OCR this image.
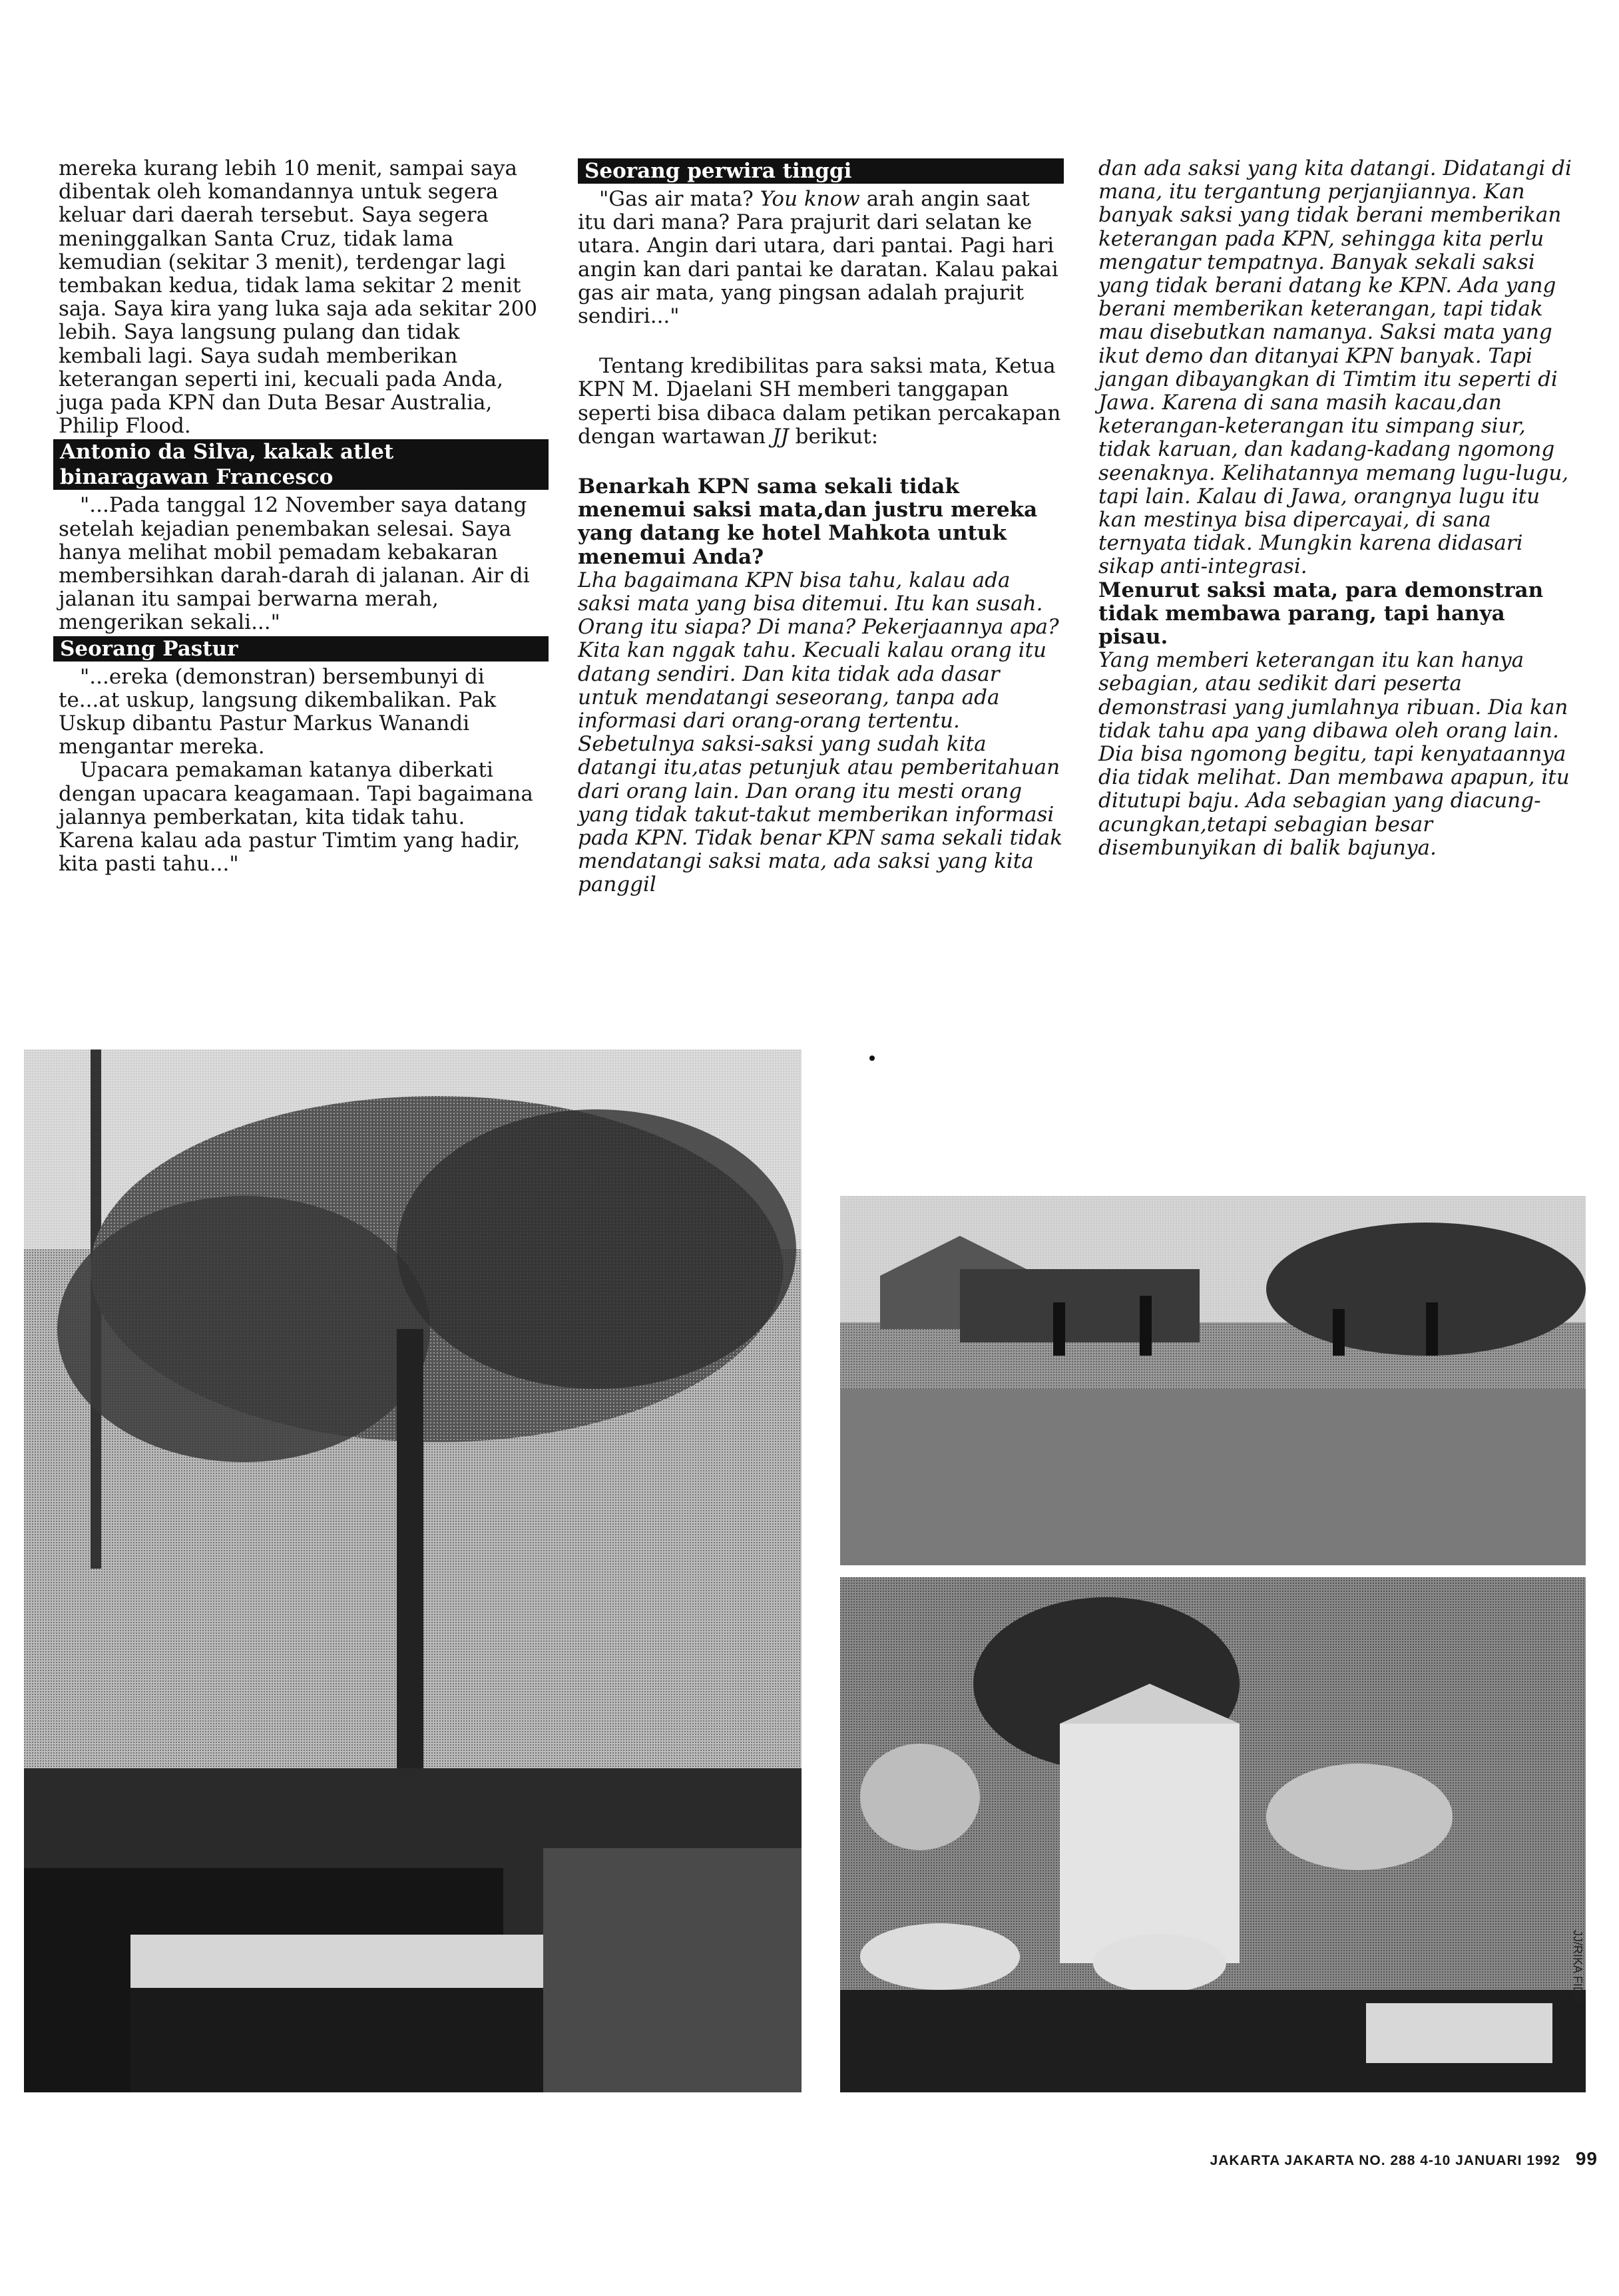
mereka kurang lebih 10 menit, sampai saya dibentak oleh komandannya untuk segera keluar dari daerah tersebut. Saya segera meninggalkan Santa Cruz, tidak lama kemudian (sekitar 3 menit), terdengar lagi tembakan kedua, tidak lama sekitar 2 menit saja. Saya kira yang luka saja ada sekitar 200 lebih. Saya langsung pulang dan tidak kembali lagi. Saya sudah memberikan keterangan seperti ini, kecuali pada Anda, juga pada KPN dan Duta Besar Australia, Philip Flood.

Antonio da Silva, kakak atlet binaragawan Francesco

"...Pada tanggal 12 November saya datang setelah kejadian penembakan selesai. Saya hanya melihat mobil pemadam kebakaran membersihkan darah-darah di jalanan. Air di jalanan itu sampai berwarna merah, mengerikan sekali..."

Seorang Pastur

"...ereka (demonstran) bersembunyi di te...at uskup, langsung dikembalikan. Pak Uskup dibantu Pastur Markus Wanandi mengantar mereka.

Upacara pemakaman katanya diberkati dengan upacara keagamaan. Tapi bagaimana jalannya pemberkatan, kita tidak tahu. Karena kalau ada pastur Timtim yang hadir, kita pasti tahu..."

Seorang perwira tinggi

"Gas air mata? You know arah angin saat itu dari mana? Para prajurit dari selatan ke utara. Angin dari utara, dari pantai. Pagi hari angin kan dari pantai ke daratan. Kalau pakai gas air mata, yang pingsan adalah prajurit sendiri..."

Tentang kredibilitas para saksi mata, Ketua KPN M. Djaelani SH memberi tanggapan seperti bisa dibaca dalam petikan percakapan dengan wartawan JJ berikut:

Benarkah KPN sama sekali tidak menemui saksi mata,dan justru mereka yang datang ke hotel Mahkota untuk menemui Anda?

Lha bagaimana KPN bisa tahu, kalau ada saksi mata yang bisa ditemui. Itu kan susah. Orang itu siapa? Di mana? Pekerjaannya apa? Kita kan nggak tahu. Kecuali kalau orang itu datang sendiri. Dan kita tidak ada dasar untuk mendatangi seseorang, tanpa ada informasi dari orang-orang tertentu. Sebetulnya saksi-saksi yang sudah kita datangi itu,atas petunjuk atau pemberitahuan dari orang lain. Dan orang itu mesti orang yang tidak takut-takut memberikan informasi pada KPN. Tidak benar KPN sama sekali tidak mendatangi saksi mata, ada saksi yang kita panggil

dan ada saksi yang kita datangi. Didatangi di mana, itu tergantung perjanjiannya. Kan banyak saksi yang tidak berani memberikan keterangan pada KPN, sehingga kita perlu mengatur tempatnya. Banyak sekali saksi yang tidak berani datang ke KPN. Ada yang berani memberikan keterangan, tapi tidak mau disebutkan namanya. Saksi mata yang ikut demo dan ditanyai KPN banyak. Tapi jangan dibayangkan di Timtim itu seperti di Jawa. Karena di sana masih kacau,dan keterangan-keterangan itu simpang siur, tidak karuan, dan kadang-kadang ngomong seenaknya. Kelihatannya memang lugu-lugu, tapi lain. Kalau di Jawa, orangnya lugu itu kan mestinya bisa dipercayai, di sana ternyata tidak. Mungkin karena didasari sikap anti-integrasi.

Menurut saksi mata, para demonstran tidak membawa parang, tapi hanya pisau.

Yang memberi keterangan itu kan hanya sebagian, atau sedikit dari peserta demonstrasi yang jumlahnya ribuan. Dia kan tidak tahu apa yang dibawa oleh orang lain. Dia bisa ngomong begitu, tapi kenyataannya dia tidak melihat. Dan membawa apapun, itu ditutupi baju. Ada sebagian yang diacung-acungkan,tetapi sebagian besar disembunyikan di balik bajunya.

JJ/RIKA FIDA
JAKARTA JAKARTA NO. 288 4-10 JANUARI 1992 99
